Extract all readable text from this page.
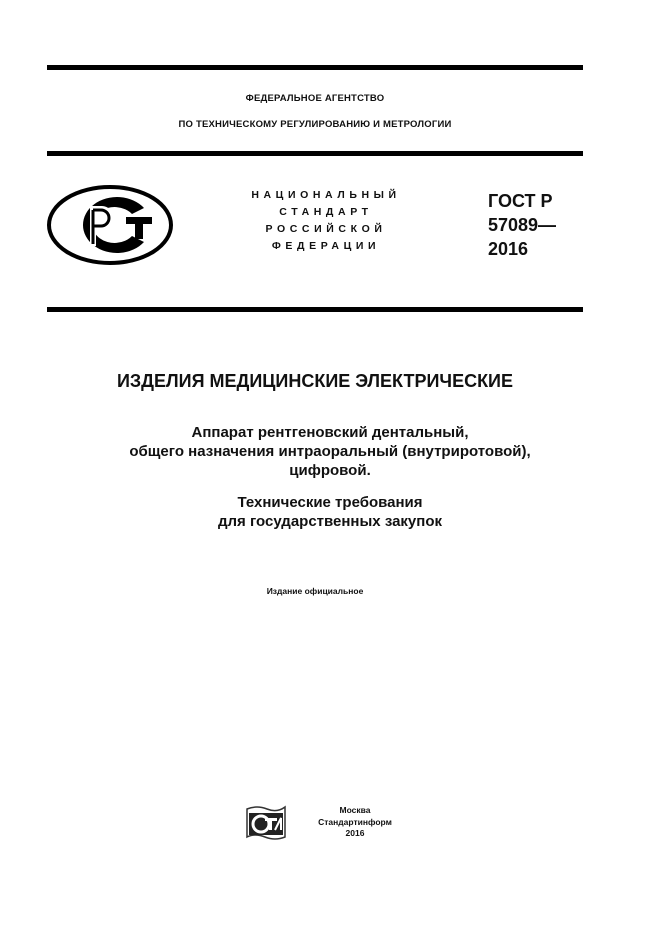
ФЕДЕРАЛЬНОЕ АГЕНТСТВО
ПО ТЕХНИЧЕСКОМУ РЕГУЛИРОВАНИЮ И МЕТРОЛОГИИ
НАЦИОНАЛЬНЫЙ
СТАНДАРТ
РОССИЙСКОЙ
ФЕДЕРАЦИИ
ГОСТ Р
57089—
2016
ИЗДЕЛИЯ МЕДИЦИНСКИЕ ЭЛЕКТРИЧЕСКИЕ
Аппарат рентгеновский дентальный,
общего назначения интраоральный (внутриротовой),
цифровой.
Технические требования
для государственных закупок
Издание официальное
Москва
Стандартинформ
2016
